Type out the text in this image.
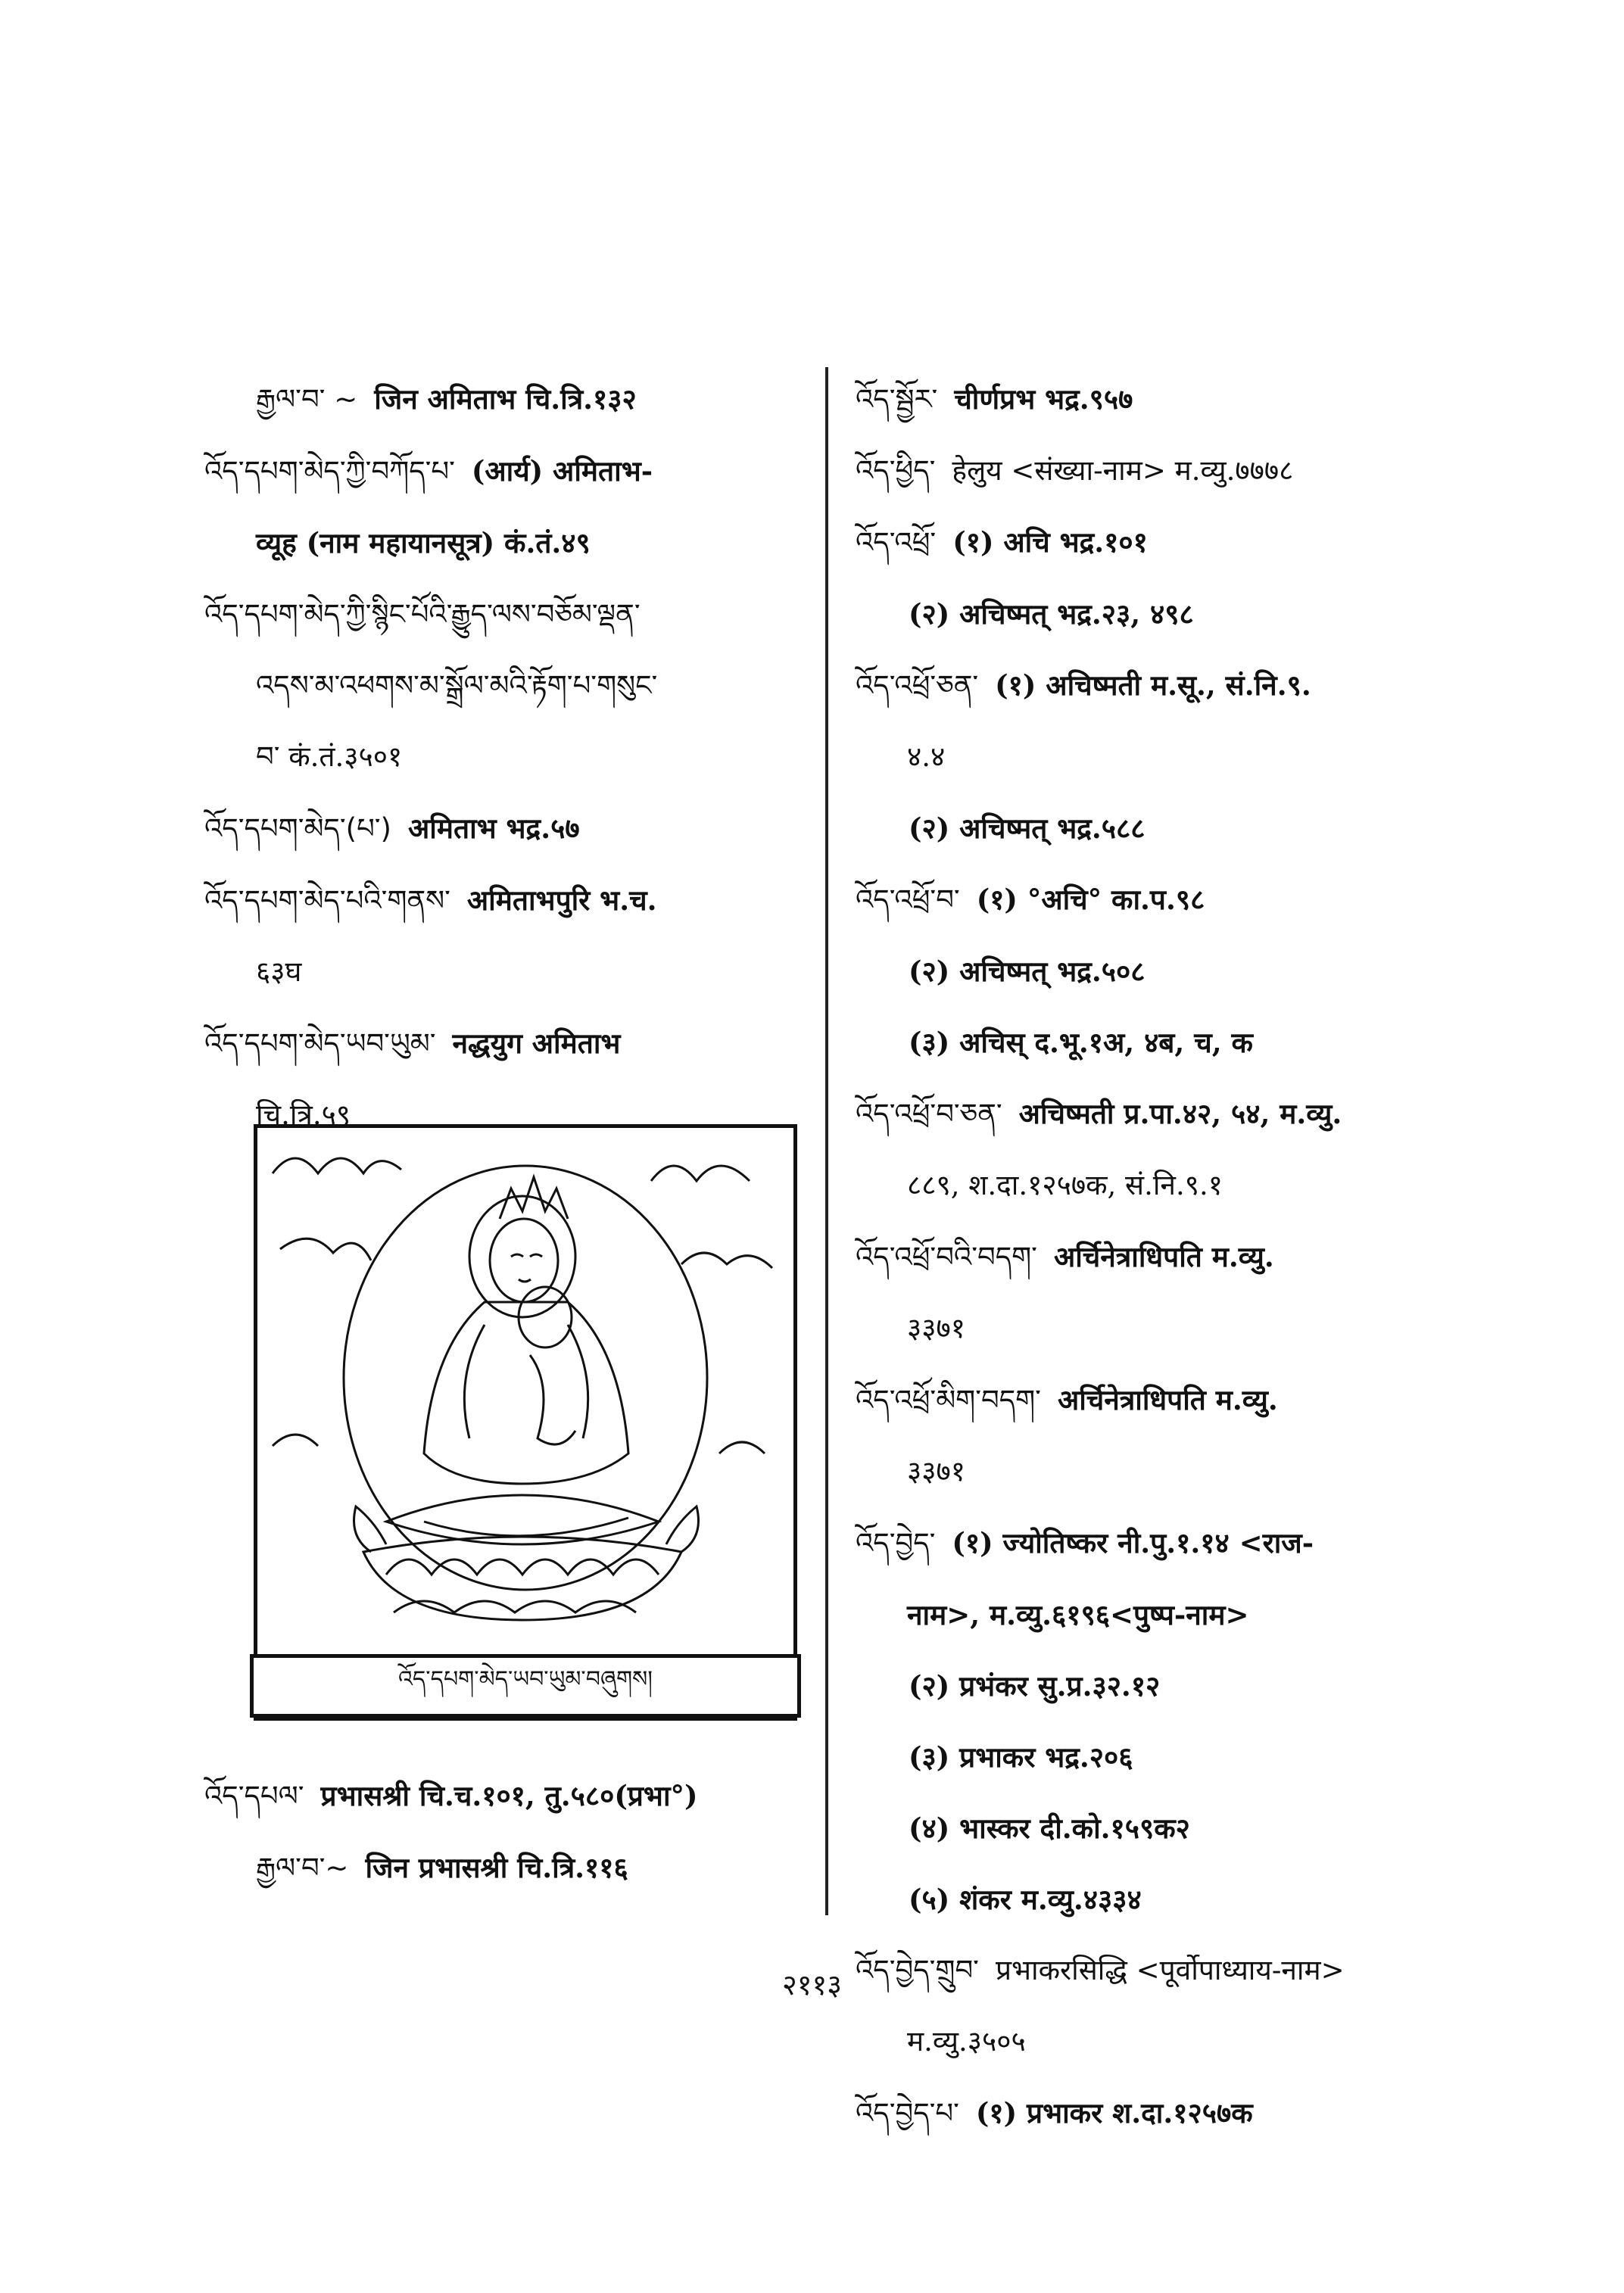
རྒྱལ་བ་ ~ जिन अमिताभ चि.त्रि.१३२

འོད་དཔག་མེད་ཀྱི་བཀོད་པ་ (आर्य) अमिताभ-
व्यूह (नाम महायानसूत्र) कं.तं.४९

འོད་དཔག་མེད་ཀྱི་སྙིང་པོའི་རྒྱུད་ལས་བཅོམ་ལྡན་
འདས་མ་འཕགས་མ་སྒྲོལ་མའི་རྟོག་པ་གསུང་
བ་ कं.तं.३५०१

འོད་དཔག་མེད་(པ་) अमिताभ भद्र.५७

འོད་དཔག་མེད་པའི་གནས་ अमिताभपुरि भ.च.
६३घ

འོད་དཔག་མེད་ཡབ་ཡུམ་ नद्धयुग अमिताभ
चि.त्रि.५९

འོད་དཔག་མེད་ཡབ་ཡུམ་བཞུགས།

འོད་དཔལ་ प्रभासश्री चि.च.१०१, तु.५८०(प्रभा°)

རྒྱལ་བ་~ जिन प्रभासश्री चि.त्रि.११६

འོད་སྦྱོར་ चीर्णप्रभ भद्र.९५७

འོད་ཕྱིད་ हेलुय <संख्या-नाम> म.व्यु.७७७८

འོད་འཕྲོ་ (१) अचि भद्र.१०१
(२) अचिष्मत् भद्र.२३, ४९८

འོད་འཕྲོ་ཅན་ (१) अचिष्मती म.सू., सं.नि.९.
४.४
(२) अचिष्मत् भद्र.५८८

འོད་འཕྲོ་བ་ (१) °अचि° का.प.९८
(२) अचिष्मत् भद्र.५०८
(३) अचिस् द.भू.१अ, ४ब, च, क

འོད་འཕྲོ་བ་ཅན་ अचिष्मती प्र.पा.४२, ५४, म.व्यु.
८८९, श.दा.१२५७क, सं.नि.९.१

འོད་འཕྲོ་བའི་བདག་ अर्चिनेत्राधिपति म.व्यु.
३३७१

འོད་འཕྲོ་མིག་བདག་ अर्चिनेत्राधिपति म.व्यु.
३३७१

འོད་བྱེད་ (१) ज्योतिष्कर नी.पु.१.१४ <राज-
नाम>, म.व्यु.६१९६<पुष्प-नाम>
(२) प्रभंकर सु.प्र.३२.१२
(३) प्रभाकर भद्र.२०६
(४) भास्कर दी.को.१५९क२
(५) शंकर म.व्यु.४३३४

འོད་བྱེད་གྲུབ་ प्रभाकरसिद्धि <पूर्वोपाध्याय-नाम>
म.व्यु.३५०५

འོད་བྱེད་པ་ (१) प्रभाकर श.दा.१२५७क

२११३
